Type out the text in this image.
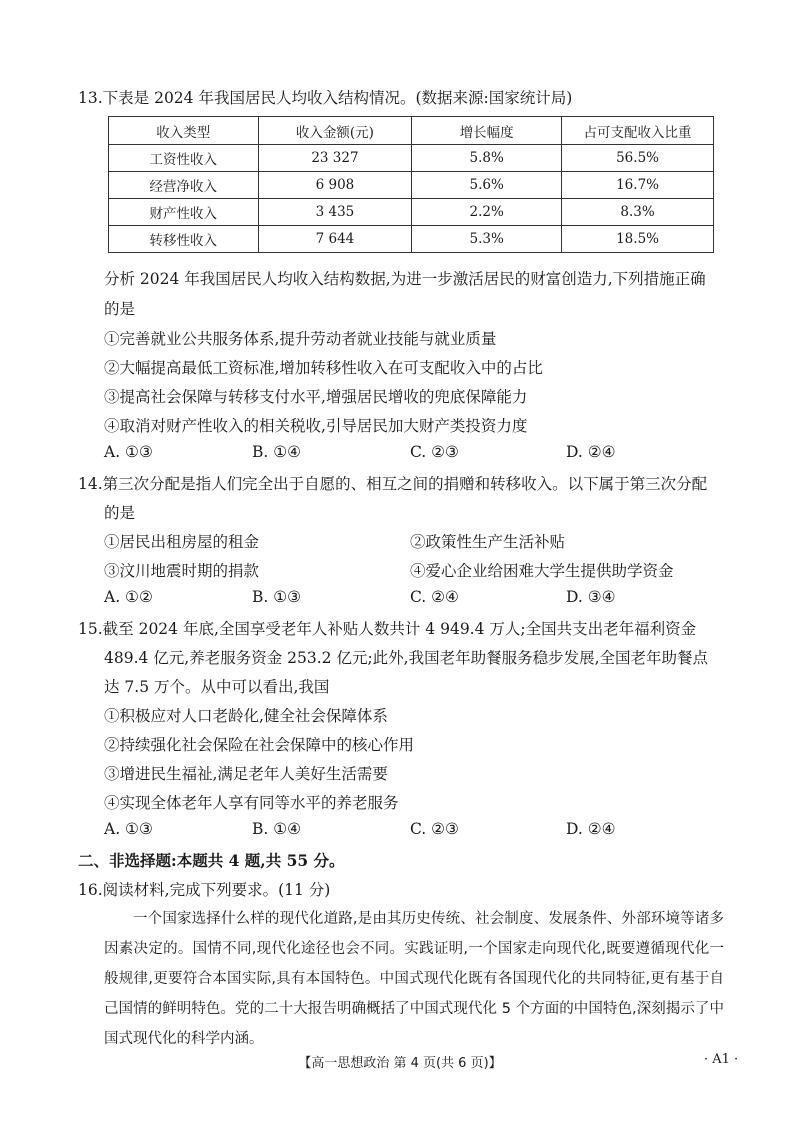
13.下表是 2024 年我国居民人均收入结构情况。(数据来源:国家统计局)
收入类型	收入金额(元)	增长幅度	占可支配收入比重
工资性收入	23 327	5.8%	56.5%
经营净收入	6 908	5.6%	16.7%
财产性收入	3 435	2.2%	8.3%
转移性收入	7 644	5.3%	18.5%
分析 2024 年我国居民人均收入结构数据,为进一步激活居民的财富创造力,下列措施正确
的是
①完善就业公共服务体系,提升劳动者就业技能与就业质量
②大幅提高最低工资标准,增加转移性收入在可支配收入中的占比
③提高社会保障与转移支付水平,增强居民增收的兜底保障能力
④取消对财产性收入的相关税收,引导居民加大财产类投资力度
A. ①③	B. ①④	C. ②③	D. ②④
14.第三次分配是指人们完全出于自愿的、相互之间的捐赠和转移收入。以下属于第三次分配
的是
①居民出租房屋的租金	②政策性生产生活补贴
③汶川地震时期的捐款	④爱心企业给困难大学生提供助学资金
A. ①②	B. ①③	C. ②④	D. ③④
15.截至 2024 年底,全国享受老年人补贴人数共计 4 949.4 万人;全国共支出老年福利资金
489.4 亿元,养老服务资金 253.2 亿元;此外,我国老年助餐服务稳步发展,全国老年助餐点
达 7.5 万个。从中可以看出,我国
①积极应对人口老龄化,健全社会保障体系
②持续强化社会保险在社会保障中的核心作用
③增进民生福祉,满足老年人美好生活需要
④实现全体老年人享有同等水平的养老服务
A. ①③	B. ①④	C. ②③	D. ②④
二、非选择题:本题共 4 题,共 55 分。
16.阅读材料,完成下列要求。(11 分)
一个国家选择什么样的现代化道路,是由其历史传统、社会制度、发展条件、外部环境等诸多因素决定的。国情不同,现代化途径也会不同。实践证明,一个国家走向现代化,既要遵循现代化一般规律,更要符合本国实际,具有本国特色。中国式现代化既有各国现代化的共同特征,更有基于自己国情的鲜明特色。党的二十大报告明确概括了中国式现代化 5 个方面的中国特色,深刻揭示了中国式现代化的科学内涵。
【高一思想政治 第 4 页(共 6 页)】	· A1 ·
